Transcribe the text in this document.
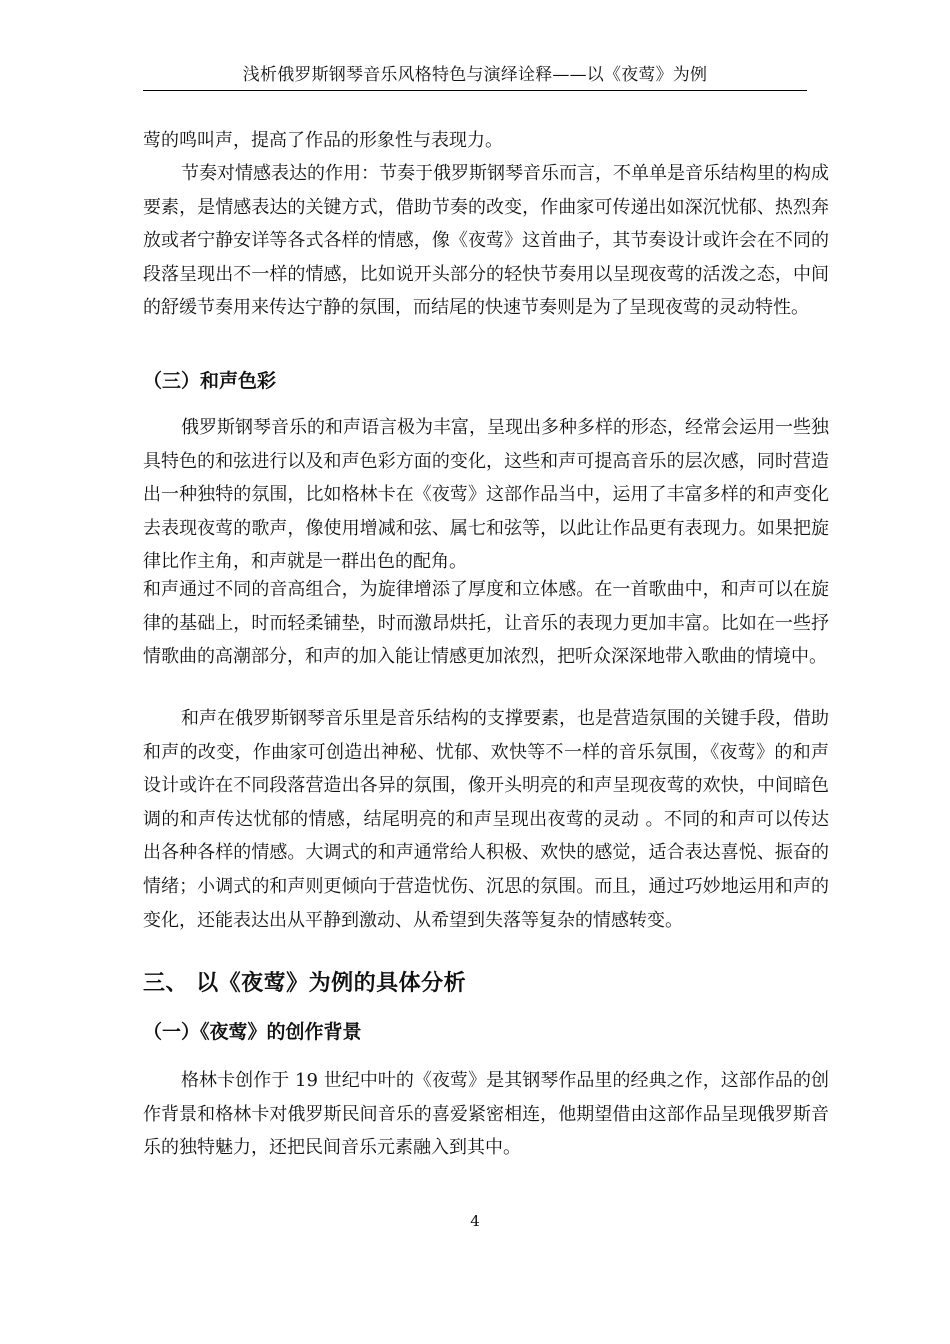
浅析俄罗斯钢琴音乐风格特色与演绎诠释——以《夜莺》为例

莺的鸣叫声，提高了作品的形象性与表现力。

节奏对情感表达的作用：节奏于俄罗斯钢琴音乐而言，不单单是音乐结构里的构成要素，是情感表达的关键方式，借助节奏的改变，作曲家可传递出如深沉忧郁、热烈奔放或者宁静安详等各式各样的情感，像《夜莺》这首曲子，其节奏设计或许会在不同的段落呈现出不一样的情感，比如说开头部分的轻快节奏用以呈现夜莺的活泼之态，中间的舒缓节奏用来传达宁静的氛围，而结尾的快速节奏则是为了呈现夜莺的灵动特性。

（三）和声色彩

俄罗斯钢琴音乐的和声语言极为丰富，呈现出多种多样的形态，经常会运用一些独具特色的和弦进行以及和声色彩方面的变化，这些和声可提高音乐的层次感，同时营造出一种独特的氛围，比如格林卡在《夜莺》这部作品当中，运用了丰富多样的和声变化去表现夜莺的歌声，像使用增减和弦、属七和弦等，以此让作品更有表现力。如果把旋律比作主角，和声就是一群出色的配角。

和声通过不同的音高组合，为旋律增添了厚度和立体感。在一首歌曲中，和声可以在旋律的基础上，时而轻柔铺垫，时而激昂烘托，让音乐的表现力更加丰富。比如在一些抒情歌曲的高潮部分，和声的加入能让情感更加浓烈，把听众深深地带入歌曲的情境中。

和声在俄罗斯钢琴音乐里是音乐结构的支撑要素，也是营造氛围的关键手段，借助和声的改变，作曲家可创造出神秘、忧郁、欢快等不一样的音乐氛围，《夜莺》的和声设计或许在不同段落营造出各异的氛围，像开头明亮的和声呈现夜莺的欢快，中间暗色调的和声传达忧郁的情感，结尾明亮的和声呈现出夜莺的灵动 。不同的和声可以传达出各种各样的情感。大调式的和声通常给人积极、欢快的感觉，适合表达喜悦、振奋的情绪；小调式的和声则更倾向于营造忧伤、沉思的氛围。而且，通过巧妙地运用和声的变化，还能表达出从平静到激动、从希望到失落等复杂的情感转变。

三、 以《夜莺》为例的具体分析
（一）《夜莺》的创作背景

格林卡创作于 19 世纪中叶的《夜莺》是其钢琴作品里的经典之作，这部作品的创作背景和格林卡对俄罗斯民间音乐的喜爱紧密相连，他期望借由这部作品呈现俄罗斯音乐的独特魅力，还把民间音乐元素融入到其中。

4
